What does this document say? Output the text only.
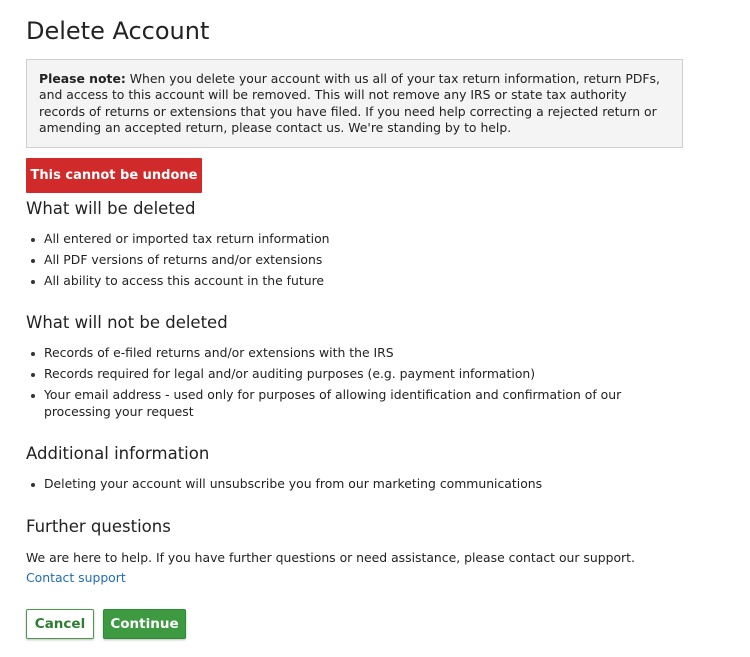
Delete Account
Please note: When you delete your account with us all of your tax return information, return PDFs, and access to this account will be removed. This will not remove any IRS or state tax authority records of returns or extensions that you have filed. If you need help correcting a rejected return or amending an accepted return, please contact us. We're standing by to help.
This cannot be undone
What will be deleted
All entered or imported tax return information
All PDF versions of returns and/or extensions
All ability to access this account in the future
What will not be deleted
Records of e-filed returns and/or extensions with the IRS
Records required for legal and/or auditing purposes (e.g. payment information)
Your email address - used only for purposes of allowing identification and confirmation of our processing your request
Additional information
Deleting your account will unsubscribe you from our marketing communications
Further questions
We are here to help. If you have further questions or need assistance, please contact our support.
Contact support
Cancel	Continue
